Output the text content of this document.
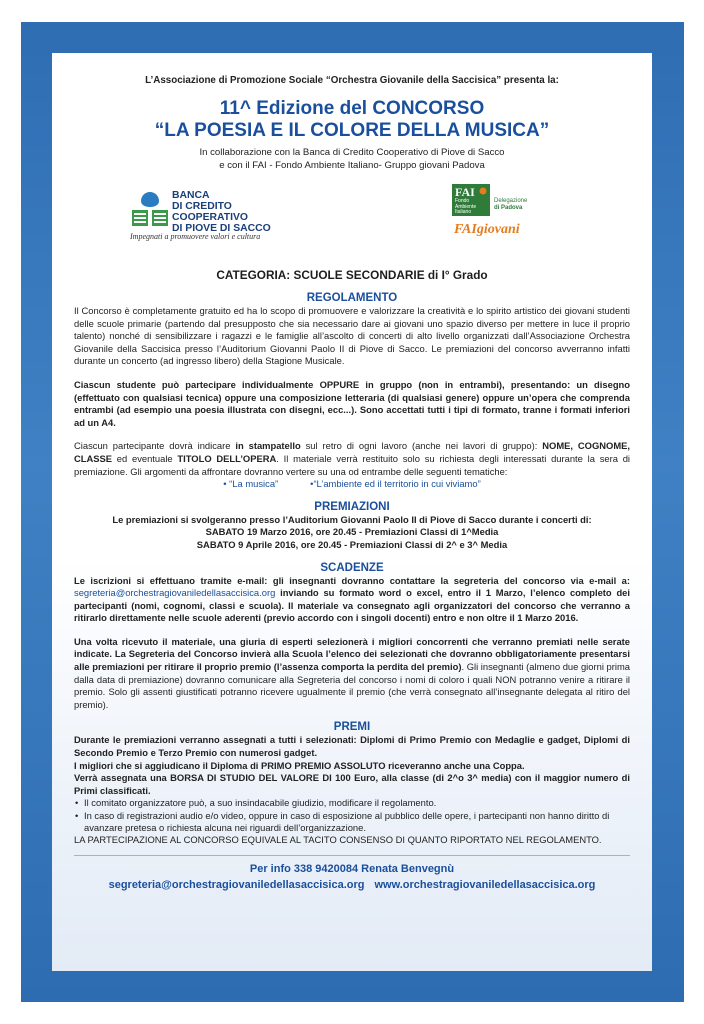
L’Associazione di Promozione Sociale “Orchestra Giovanile della Saccisica” presenta la:
11^ Edizione del CONCORSO
“LA POESIA E IL COLORE DELLA MUSICA”
In collaborazione con la Banca di Credito Cooperativo di Piove di Sacco
e con il FAI - Fondo Ambiente Italiano- Gruppo giovani Padova
BANCA
DI CREDITO COOPERATIVO
DI PIOVE DI SACCO
Impegnati a promuovere valori e cultura
FAI
Fondo
Ambiente
Italiano
Delegazione
di Padova
FAIgiovani
CATEGORIA: SCUOLE SECONDARIE di I° Grado
REGOLAMENTO

Il Concorso è completamente gratuito ed ha lo scopo di promuovere e valorizzare la creatività e lo spirito artistico dei giovani studenti delle scuole primarie (partendo dal presupposto che sia necessario dare ai giovani uno spazio diverso per mettere in luce il proprio talento) nonché di sensibilizzare i ragazzi e le famiglie all’ascolto di concerti di alto livello organizzati dall’Associazione Orchestra Giovanile della Saccisica presso l’Auditorium Giovanni Paolo II di Piove di Sacco. Le premiazioni del concorso avverranno infatti durante un concerto (ad ingresso libero) della Stagione Musicale.

Ciascun studente può partecipare individualmente OPPURE in gruppo (non in entrambi), presentando: un disegno (effettuato con qualsiasi tecnica) oppure una composizione letteraria (di qualsiasi genere) oppure un’opera che comprenda entrambi (ad esempio una poesia illustrata con disegni, ecc...). Sono accettati tutti i tipi di formato, tranne i formati inferiori ad un A4.

Ciascun partecipante dovrà indicare in stampatello sul retro di ogni lavoro (anche nei lavori di gruppo): NOME, COGNOME, CLASSE ed eventuale TITOLO DELL’OPERA. Il materiale verrà restituito solo su richiesta degli interessati durante la sera di premiazione. Gli argomenti da affrontare dovranno vertere su una od entrambe delle seguenti tematiche:

• “La musica”	•“L’ambiente ed il territorio in cui viviamo”
PREMIAZIONI
Le premiazioni si svolgeranno presso l’Auditorium Giovanni Paolo II di Piove di Sacco durante i concerti di:
SABATO 19 Marzo 2016, ore 20.45 - Premiazioni Classi di 1^Media
SABATO 9 Aprile 2016, ore 20.45 - Premiazioni Classi di 2^ e 3^ Media
SCADENZE

Le iscrizioni si effettuano tramite e-mail: gli insegnanti dovranno contattare la segreteria del concorso via e-mail a: segreteria@orchestragiovaniledellasaccisica.org inviando su formato word o excel, entro il 1 Marzo, l’elenco completo dei partecipanti (nomi, cognomi, classi e scuola). Il materiale va consegnato agli organizzatori del concorso che verranno a ritirarlo direttamente nelle scuole aderenti (previo accordo con i singoli docenti) entro e non oltre il 1 Marzo 2016.

Una volta ricevuto il materiale, una giuria di esperti selezionerà i migliori concorrenti che verranno premiati nelle serate indicate. La Segreteria del Concorso invierà alla Scuola l’elenco dei selezionati che dovranno obbligatoriamente presentarsi alle premiazioni per ritirare il proprio premio (l’assenza comporta la perdita del premio). Gli insegnanti (almeno due giorni prima dalla data di premiazione) dovranno comunicare alla Segreteria del concorso i nomi di coloro i quali NON potranno venire a ritirare il premio. Solo gli assenti giustificati potranno ricevere ugualmente il premio (che verrà consegnato all’insegnante delegata al ritiro del premio).

PREMI

Durante le premiazioni verranno assegnati a tutti i selezionati: Diplomi di Primo Premio con Medaglie e gadget, Diplomi di Secondo Premio e Terzo Premio con numerosi gadget.

I migliori che si aggiudicano il Diploma di PRIMO PREMIO ASSOLUTO riceveranno anche una Coppa.

Verrà assegnata una BORSA DI STUDIO DEL VALORE DI 100 Euro, alla classe (di 2^o 3^ media) con il maggior numero di Primi classificati.

• Il comitato organizzatore può, a suo insindacabile giudizio, modificare il regolamento.
• In caso di registrazioni audio e/o video, oppure in caso di esposizione al pubblico delle opere, i partecipanti non hanno diritto di avanzare pretesa o richiesta alcuna nei riguardi dell’organizzazione.

LA PARTECIPAZIONE AL CONCORSO EQUIVALE AL TACITO CONSENSO DI QUANTO RIPORTATO NEL REGOLAMENTO.

Per info 338 9420084 Renata Benvegnù
segreteria@orchestragiovaniledellasaccisica.org www.orchestragiovaniledellasaccisica.org
